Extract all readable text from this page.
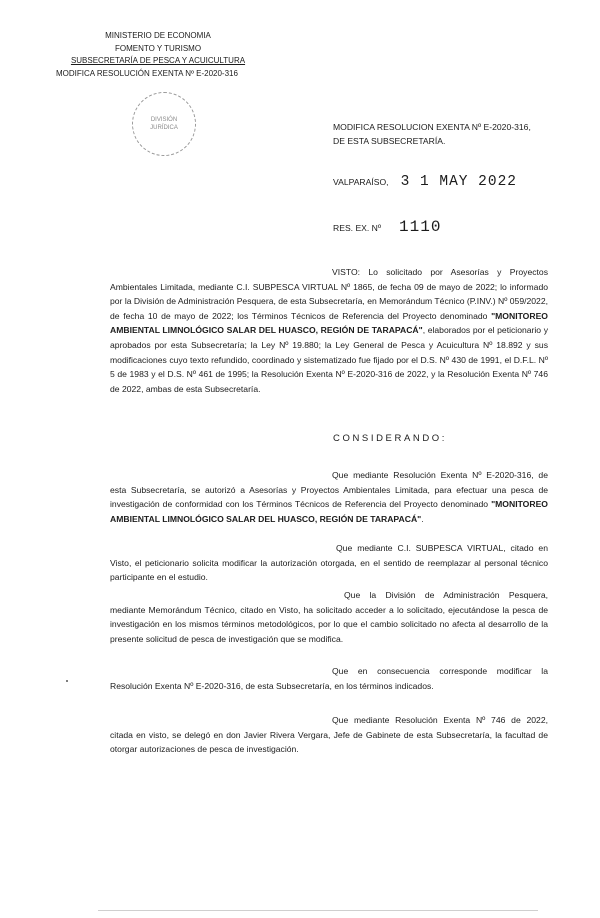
MINISTERIO DE ECONOMIA
FOMENTO Y TURISMO
SUBSECRETARÍA DE PESCA Y ACUICULTURA
MODIFICA RESOLUCIÓN EXENTA Nº E-2020-316
DIVISIÓN
JURÍDICA	MODIFICA RESOLUCION EXENTA Nº E-2020-316,
DE ESTA SUBSECRETARÍA.
VALPARAÍSO, 3 1 MAY 2022
RES. EX. Nº 1110
VISTO: Lo solicitado por Asesorías y Proyectos Ambientales Limitada, mediante C.I. SUBPESCA VIRTUAL Nº 1865, de fecha 09 de mayo de 2022; lo informado por la División de Administración Pesquera, de esta Subsecretaría, en Memorándum Técnico (P.INV.) Nº 059/2022, de fecha 10 de mayo de 2022; los Términos Técnicos de Referencia del Proyecto denominado "MONITOREO AMBIENTAL LIMNOLÓGICO SALAR DEL HUASCO, REGIÓN DE TARAPACÁ", elaborados por el peticionario y aprobados por esta Subsecretaría; la Ley Nº 19.880; la Ley General de Pesca y Acuicultura Nº 18.892 y sus modificaciones cuyo texto refundido, coordinado y sistematizado fue fijado por el D.S. Nº 430 de 1991, el D.F.L. Nº 5 de 1983 y el D.S. Nº 461 de 1995; la Resolución Exenta Nº E-2020-316 de 2022, y la Resolución Exenta Nº 746 de 2022, ambas de esta Subsecretaría.
CONSIDERANDO:
Que mediante Resolución Exenta Nº E-2020-316, de esta Subsecretaría, se autorizó a Asesorías y Proyectos Ambientales Limitada, para efectuar una pesca de investigación de conformidad con los Términos Técnicos de Referencia del Proyecto denominado "MONITOREO AMBIENTAL LIMNOLÓGICO SALAR DEL HUASCO, REGIÓN DE TARAPACÁ".
Que mediante C.I. SUBPESCA VIRTUAL, citado en Visto, el peticionario solicita modificar la autorización otorgada, en el sentido de reemplazar al personal técnico participante en el estudio.
Que la División de Administración Pesquera, mediante Memorándum Técnico, citado en Visto, ha solicitado acceder a lo solicitado, ejecutándose la pesca de investigación en los mismos términos metodológicos, por lo que el cambio solicitado no afecta al desarrollo de la presente solicitud de pesca de investigación que se modifica.
Que en consecuencia corresponde modificar la Resolución Exenta Nº E-2020-316, de esta Subsecretaría, en los términos indicados.
Que mediante Resolución Exenta Nº 746 de 2022, citada en visto, se delegó en don Javier Rivera Vergara, Jefe de Gabinete de esta Subsecretaría, la facultad de otorgar autorizaciones de pesca de investigación.
